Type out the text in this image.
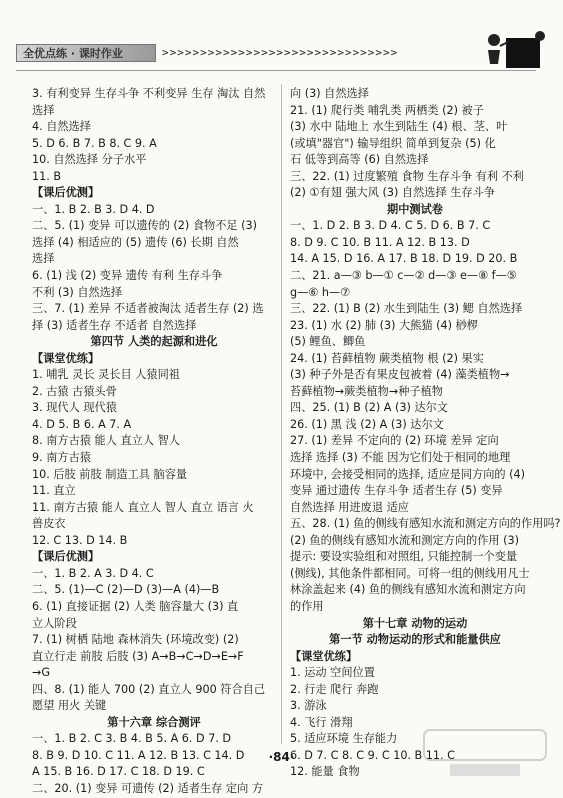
全优点练 · 课时作业	>>>>>>>>>>>>>>>>>>>>>>>>>>>>>>>
3. 有利变异 生存斗争 不利变异 生存 淘汰 自然
选择
4. 自然选择
5. D 6. B 7. B 8. C 9. A
10. 自然选择 分子水平
11. B
【课后优测】
一、1. B 2. B 3. D 4. D
二、5. (1) 变异 可以遗传的 (2) 食物不足 (3)
选择 (4) 相适应的 (5) 遗传 (6) 长期 自然
选择
6. (1) 浅 (2) 变异 遗传 有利 生存斗争
不利 (3) 自然选择
三、7. (1) 差异 不适者被淘汰 适者生存 (2) 选
择 (3) 适者生存 不适者 自然选择
第四节 人类的起源和进化
【课堂优练】
1. 哺乳 灵长 灵长目 人猿同祖
2. 古猿 古猿头骨
3. 现代人 现代猿
4. D 5. B 6. A 7. A
8. 南方古猿 能人 直立人 智人
9. 南方古猿
10. 后肢 前肢 制造工具 脑容量
11. 直立
11. 南方古猿 能人 直立人 智人 直立 语言 火
兽皮衣
12. C 13. D 14. B
【课后优测】
一、1. B 2. A 3. D 4. C
二、5. (1)—C (2)—D (3)—A (4)—B
6. (1) 直接证据 (2) 人类 脑容量大 (3) 直
立人阶段
7. (1) 树栖 陆地 森林消失 (环境改变) (2)
直立行走 前肢 后肢 (3) A→B→C→D→E→F
→G
四、8. (1) 能人 700 (2) 直立人 900 符合自己
愿望 用火 关键
第十六章 综合测评
一、1. B 2. C 3. B 4. B 5. A 6. D 7. D
8. B 9. D 10. C 11. A 12. B 13. C 14. D
A 15. B 16. D 17. C 18. D 19. C
二、20. (1) 变异 可遗传 (2) 适者生存 定向 方
向 (3) 自然选择
21. (1) 爬行类 哺乳类 两栖类 (2) 被子
(3) 水中 陆地上 水生到陆生 (4) 根、茎、叶
(或填"器官") 输导组织 简单到复杂 (5) 化
石 低等到高等 (6) 自然选择
三、22. (1) 过度繁殖 食物 生存斗争 有利 不利
(2) ①有翅 强大风 (3) 自然选择 生存斗争
期中测试卷
一、1. D 2. B 3. D 4. C 5. D 6. B 7. C
8. D 9. C 10. B 11. A 12. B 13. D
14. A 15. D 16. A 17. B 18. D 19. D 20. B
二、21. a—③ b—① c—② d—③ e—⑧ f—⑤
g—⑥ h—⑦
三、22. (1) B (2) 水生到陆生 (3) 鳃 自然选择
23. (1) 水 (2) 肺 (3) 大熊猫 (4) 桫椤
(5) 鲤鱼、鲫鱼
24. (1) 苔藓植物 蕨类植物 根 (2) 果实
(3) 种子外是否有果皮包被着 (4) 藻类植物→
苔藓植物→蕨类植物→种子植物
四、25. (1) B (2) A (3) 达尔文
26. (1) 黑 浅 (2) A (3) 达尔文
27. (1) 差异 不定向的 (2) 环境 差异 定向
选择 选择 (3) 不能 因为它们处于相同的地理
环境中, 会接受相同的选择, 适应是同方向的 (4)
变异 通过遗传 生存斗争 适者生存 (5) 变异
自然选择 用进废退 适应
五、28. (1) 鱼的侧线有感知水流和测定方向的作用吗?
(2) 鱼的侧线有感知水流和测定方向的作用 (3)
提示: 要设实验组和对照组, 只能控制一个变量
(侧线), 其他条件都相同。可将一组的侧线用凡士
林涂盖起来 (4) 鱼的侧线有感知水流和测定方向
的作用
第十七章 动物的运动
第一节 动物运动的形式和能量供应
【课堂优练】
1. 运动 空间位置
2. 行走 爬行 奔跑
3. 游泳
4. 飞行 滑翔
5. 适应环境 生存能力
6. D 7. C 8. C 9. C 10. B 11. C
12. 能量 食物
·84·
